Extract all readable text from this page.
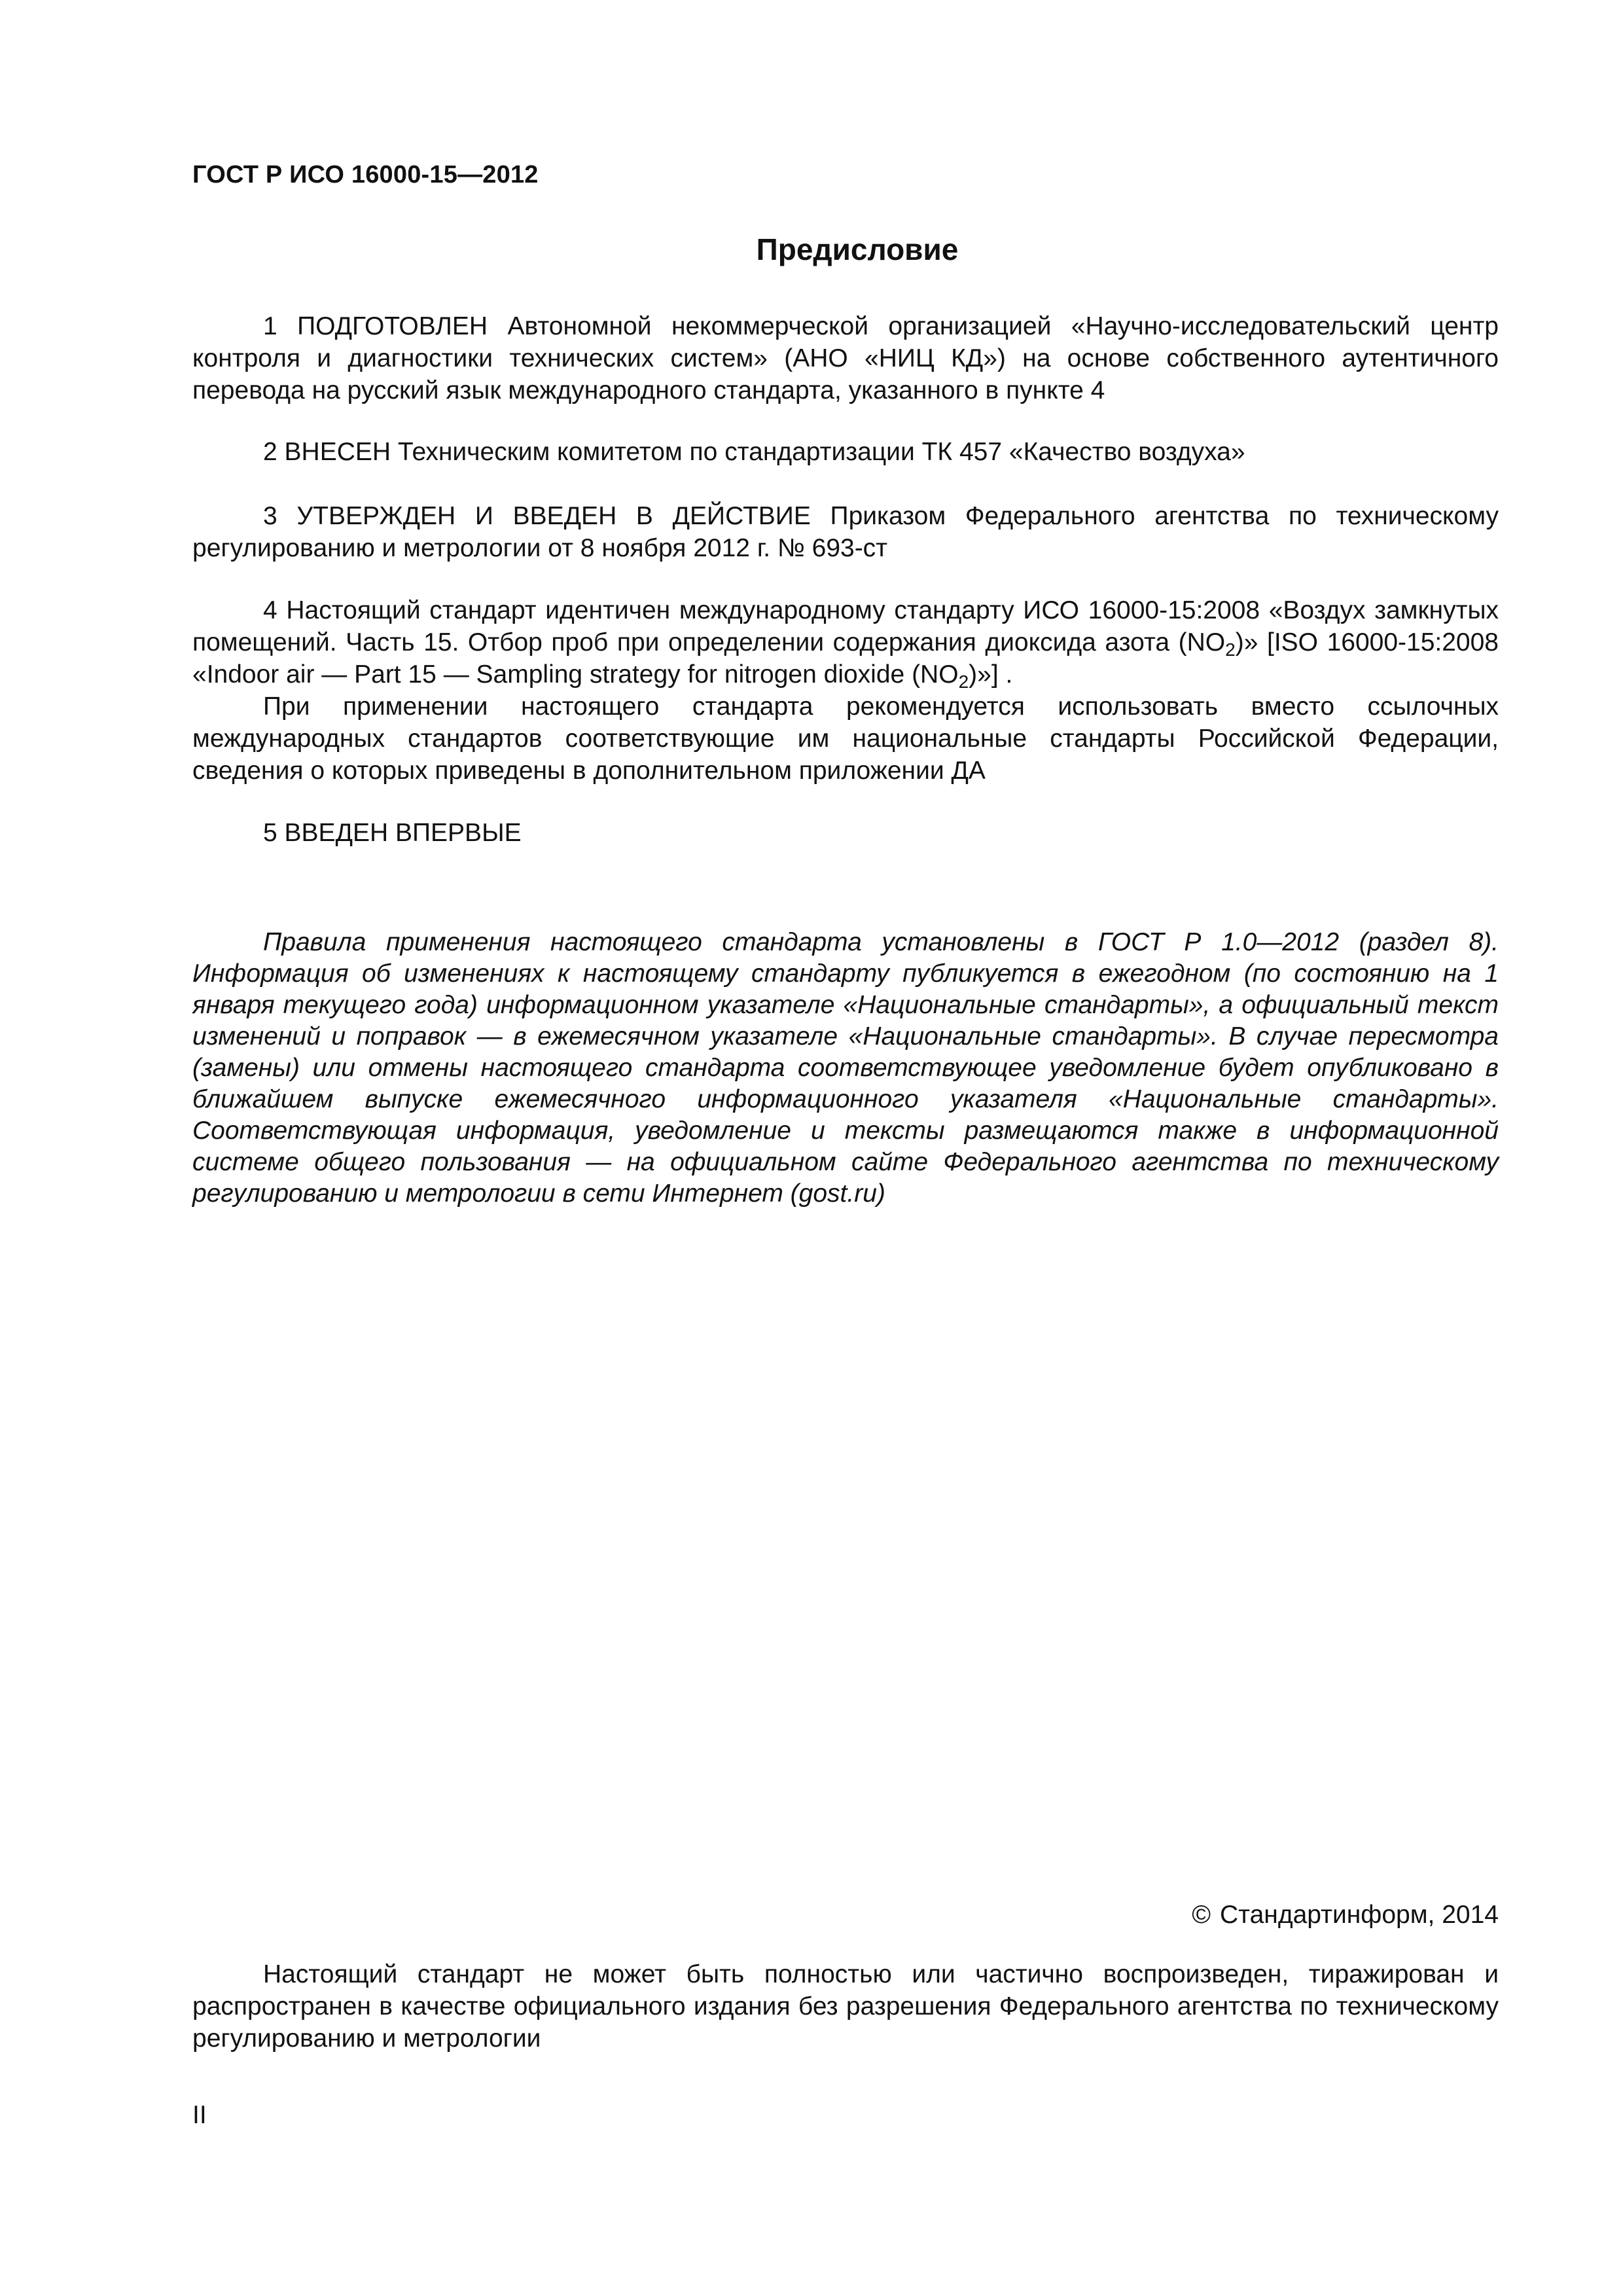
ГОСТ Р ИСО 16000-15—2012
Предисловие

1 ПОДГОТОВЛЕН Автономной некоммерческой организацией «Научно-исследовательский центр контроля и диагностики технических систем» (АНО «НИЦ КД») на основе собственного аутентичного перевода на русский язык международного стандарта, указанного в пункте 4

2 ВНЕСЕН Техническим комитетом по стандартизации ТК 457 «Качество воздуха»

3 УТВЕРЖДЕН И ВВЕДЕН В ДЕЙСТВИЕ Приказом Федерального агентства по техническому регулированию и метрологии от 8 ноября 2012 г. № 693-ст

4 Настоящий стандарт идентичен международному стандарту ИСО 16000-15:2008 «Воздух замкнутых помещений. Часть 15. Отбор проб при определении содержания диоксида азота $(NO_2)$» [ISO 16000-15:2008 «Indoor air — Part 15 — Sampling strategy for nitrogen dioxide $(NO_2)$»] .

При применении настоящего стандарта рекомендуется использовать вместо ссылочных международных стандартов соответствующие им национальные стандарты Российской Федерации, сведения о которых приведены в дополнительном приложении ДА

5 ВВЕДЕН ВПЕРВЫЕ

Правила применения настоящего стандарта установлены в ГОСТ Р 1.0—2012 (раздел 8). Информация об изменениях к настоящему стандарту публикуется в ежегодном (по состоянию на 1 января текущего года) информационном указателе «Национальные стандарты», а официальный текст изменений и поправок — в ежемесячном указателе «Национальные стандарты». В случае пересмотра (замены) или отмены настоящего стандарта соответствующее уведомление будет опубликовано в ближайшем выпуске ежемесячного информационного указателя «Национальные стандарты». Соответствующая информация, уведомление и тексты размещаются также в информационной системе общего пользования — на официальном сайте Федерального агентства по техническому регулированию и метрологии в сети Интернет (gost.ru)

© Стандартинформ, 2014

Настоящий стандарт не может быть полностью или частично воспроизведен, тиражирован и распространен в качестве официального издания без разрешения Федерального агентства по техническому регулированию и метрологии

II
